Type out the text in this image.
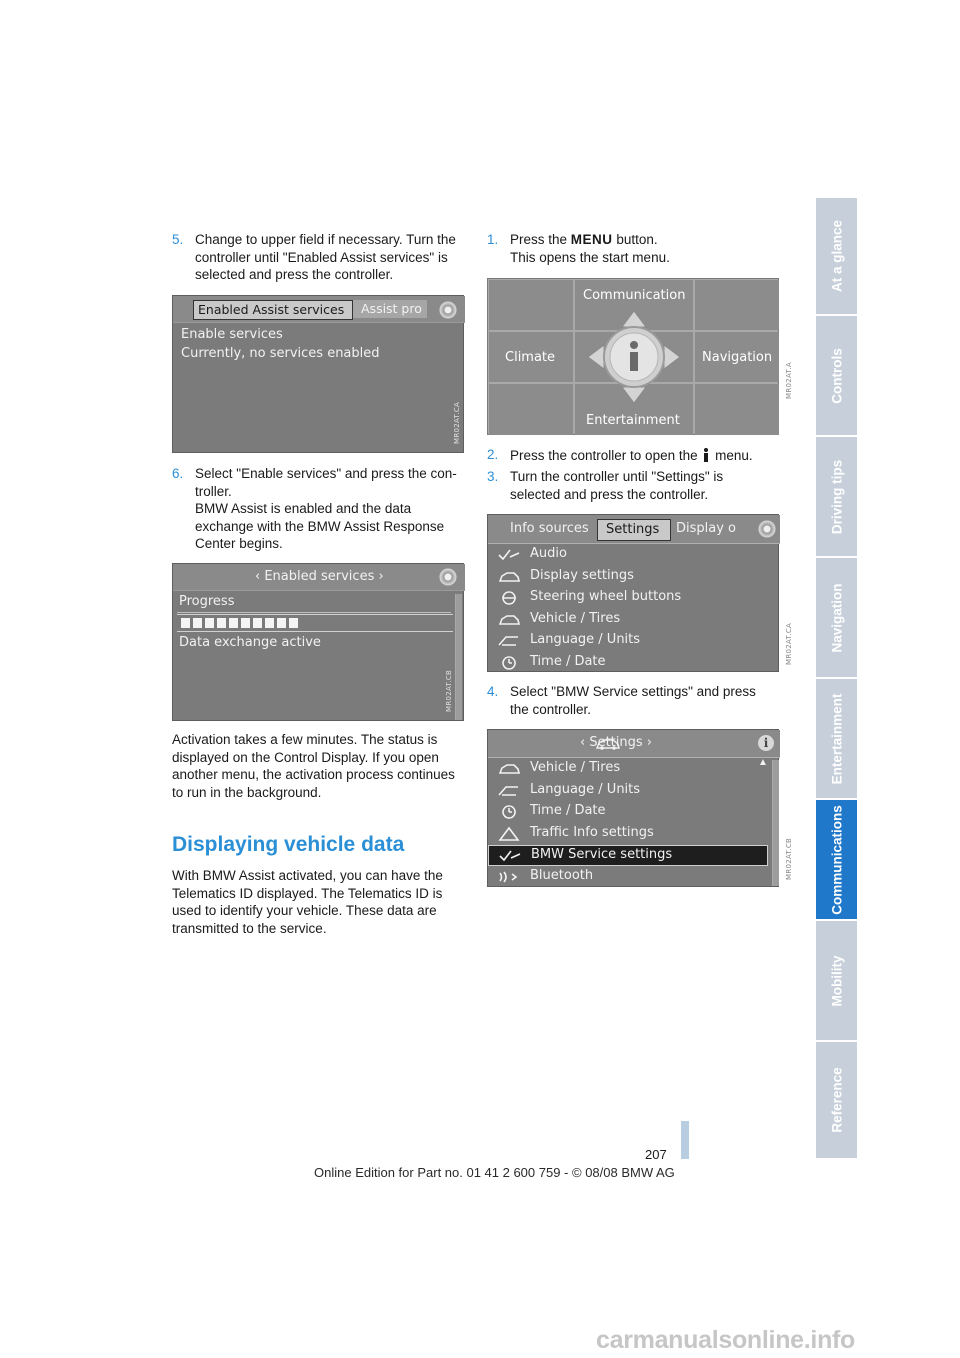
5. Change to upper field if necessary. Turn the
controller until "Enabled Assist services" is
selected and press the controller.
Enabled Assist services Assist pro
Enable services
Currently, no services enabled
MR02AT.CA
6. Select "Enable services" and press the con-
troller.
BMW Assist is enabled and the data
exchange with the BMW Assist Response
Center begins.
‹ Enabled services ›
Progress
Data exchange active
MR02AT.CB
Activation takes a few minutes. The status is
displayed on the Control Display. If you open
another menu, the activation process continues
to run in the background.
Displaying vehicle data
With BMW Assist activated, you can have the
Telematics ID displayed. The Telematics ID is
used to identify your vehicle. These data are
transmitted to the service.
1. Press the MENU button.
This opens the start menu.
Communication
Climate	Navigation
Entertainment
MR02AT.A
2. Press the controller to open the menu.
3. Turn the controller until "Settings" is
selected and press the controller.
Info sources Settings Display o
Audio
Display settings
Steering wheel buttons
Vehicle / Tires
Language / Units
Time / Date	MR02AT.CA
4. Select "BMW Service settings" and press
the controller.
‹ Settings ›	i
Vehicle / Tires
Language / Units
Time / Date
Traffic Info settings
BMW Service settings
Bluetooth
▲
MR02AT.CB
At a glance
Controls
Driving tips
Navigation
Entertainment
Communications
Mobility
Reference
207
Online Edition for Part no. 01 41 2 600 759 - © 08/08 BMW AG
carmanualsonline.info
